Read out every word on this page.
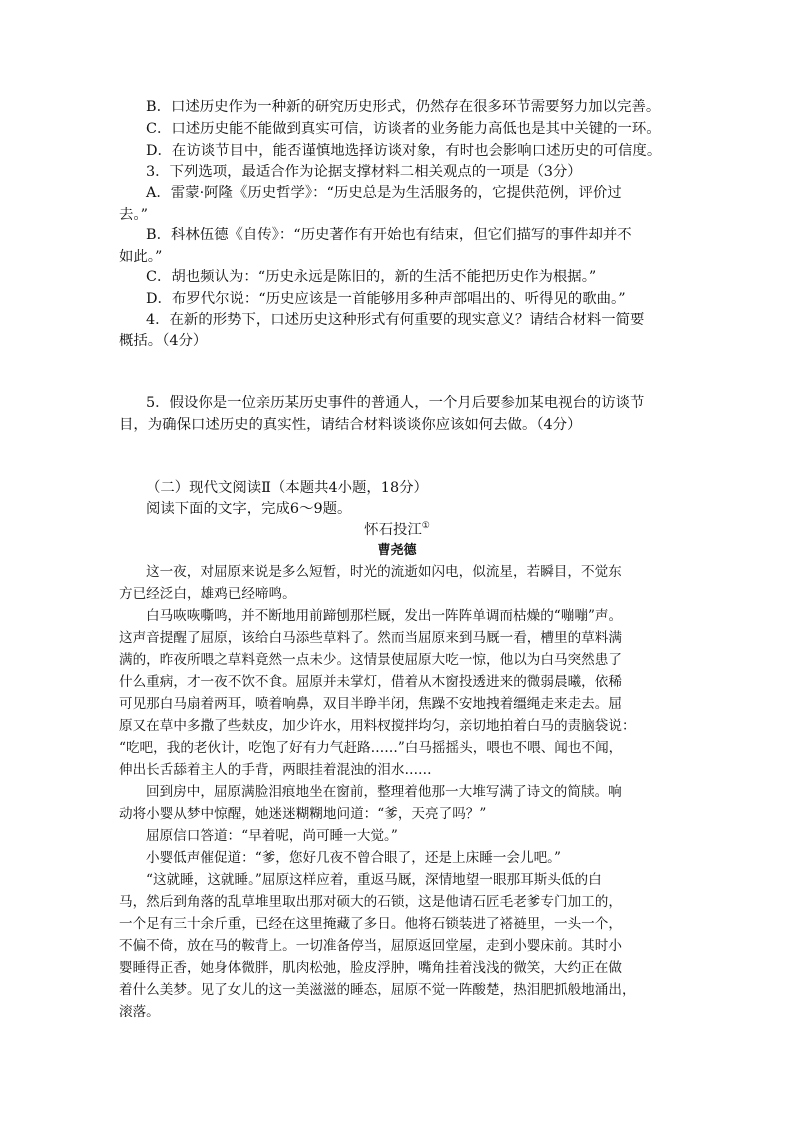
B．口述历史作为一种新的研究历史形式，仍然存在很多环节需要努力加以完善。
C．口述历史能不能做到真实可信，访谈者的业务能力高低也是其中关键的一环。
D．在访谈节目中，能否谨慎地选择访谈对象，有时也会影响口述历史的可信度。
3．下列选项，最适合作为论据支撑材料二相关观点的一项是（3分）
A．雷蒙·阿隆《历史哲学》：“历史总是为生活服务的，它提供范例，评价过
去。”
B．科林伍德《自传》：“历史著作有开始也有结束，但它们描写的事件却并不
如此。”
C．胡也频认为：“历史永远是陈旧的，新的生活不能把历史作为根据。”
D．布罗代尔说：“历史应该是一首能够用多种声部唱出的、听得见的歌曲。”
4．在新的形势下，口述历史这种形式有何重要的现实意义？请结合材料一简要
概括。（4分）
5．假设你是一位亲历某历史事件的普通人，一个月后要参加某电视台的访谈节
目，为确保口述历史的真实性，请结合材料谈谈你应该如何去做。（4分）
（二）现代文阅读Ⅱ（本题共4小题，18分）
阅读下面的文字，完成6～9题。
怀石投江①
曹尧德
这一夜，对屈原来说是多么短暂，时光的流逝如闪电，似流星，若瞬目，不觉东
方已经泛白，雄鸡已经啼鸣。
白马咴咴嘶鸣，并不断地用前蹄刨那栏厩，发出一阵阵单调而枯燥的“嘣嘣”声。
这声音提醒了屈原，该给白马添些草料了。然而当屈原来到马厩一看，槽里的草料满
满的，昨夜所喂之草料竟然一点未少。这情景使屈原大吃一惊，他以为白马突然患了
什么重病，才一夜不饮不食。屈原并未掌灯，借着从木窗投透进来的微弱晨曦，依稀
可见那白马扇着两耳，喷着响鼻，双目半睁半闭，焦躁不安地拽着缰绳走来走去。屈
原又在草中多撒了些麸皮，加少许水，用料杈搅拌均匀，亲切地拍着白马的责脑袋说：
“吃吧，我的老伙计，吃饱了好有力气赶路……”白马摇摇头，喂也不喂、闻也不闻，
伸出长舌舔着主人的手背，两眼挂着混浊的泪水……
回到房中，屈原满脸泪痕地坐在窗前，整理着他那一大堆写满了诗文的简牍。响
动将小婴从梦中惊醒，她迷迷糊糊地问道：“爹，天亮了吗？”
屈原信口答道：“早着呢，尚可睡一大觉。”
小婴低声催促道：“爹，您好几夜不曾合眼了，还是上床睡一会儿吧。”
“这就睡，这就睡。”屈原这样应着，重返马厩，深情地望一眼那耳斯头低的白
马，然后到角落的乱草堆里取出那对硕大的石锁，这是他请石匠毛老爹专门加工的，
一个足有三十余斤重，已经在这里掩藏了多日。他将石锁装进了褡裢里，一头一个，
不偏不倚，放在马的鞍背上。一切准备停当，屈原返回堂屋，走到小婴床前。其时小
婴睡得正香，她身体微胖，肌肉松弛，脸皮浮肿，嘴角挂着浅浅的微笑，大约正在做
着什么美梦。见了女儿的这一美滋滋的睡态，屈原不觉一阵酸楚，热泪肥抓般地涌出，
滚落。
